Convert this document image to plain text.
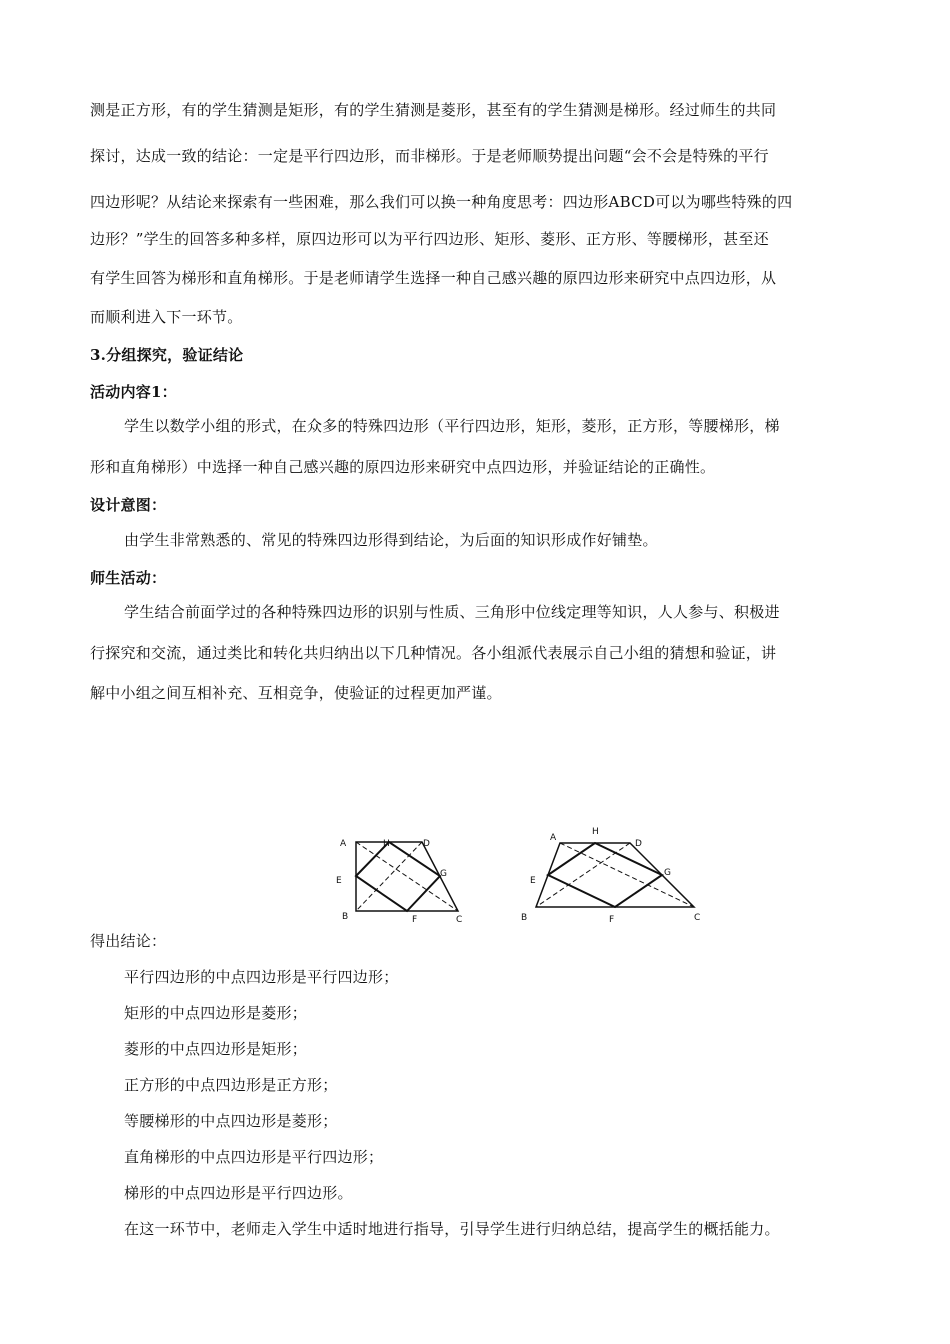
测是正方形，有的学生猜测是矩形，有的学生猜测是菱形，甚至有的学生猜测是梯形。经过师生的共同
探讨，达成一致的结论：一定是平行四边形，而非梯形。于是老师顺势提出问题“会不会是特殊的平行
四边形呢？从结论来探索有一些困难，那么我们可以换一种角度思考：四边形ABCD可以为哪些特殊的四
边形？”学生的回答多种多样，原四边形可以为平行四边形、矩形、菱形、正方形、等腰梯形，甚至还
有学生回答为梯形和直角梯形。于是老师请学生选择一种自己感兴趣的原四边形来研究中点四边形，从
而顺利进入下一环节。
3.分组探究，验证结论
活动内容1：
学生以数学小组的形式，在众多的特殊四边形（平行四边形，矩形，菱形，正方形，等腰梯形，梯
形和直角梯形）中选择一种自己感兴趣的原四边形来研究中点四边形，并验证结论的正确性。
设计意图：
由学生非常熟悉的、常见的特殊四边形得到结论，为后面的知识形成作好铺垫。
师生活动：
学生结合前面学过的各种特殊四边形的识别与性质、三角形中位线定理等知识，人人参与、积极进
行探究和交流，通过类比和转化共归纳出以下几种情况。各小组派代表展示自己小组的猜想和验证，讲
解中小组之间互相补充、互相竞争，使验证的过程更加严谨。
A	H	D
E
G
B	F	C
A
H
D
E
G
B	F	C
得出结论：
平行四边形的中点四边形是平行四边形；
矩形的中点四边形是菱形；
菱形的中点四边形是矩形；
正方形的中点四边形是正方形；
等腰梯形的中点四边形是菱形；
直角梯形的中点四边形是平行四边形；
梯形的中点四边形是平行四边形。
在这一环节中，老师走入学生中适时地进行指导，引导学生进行归纳总结，提高学生的概括能力。
